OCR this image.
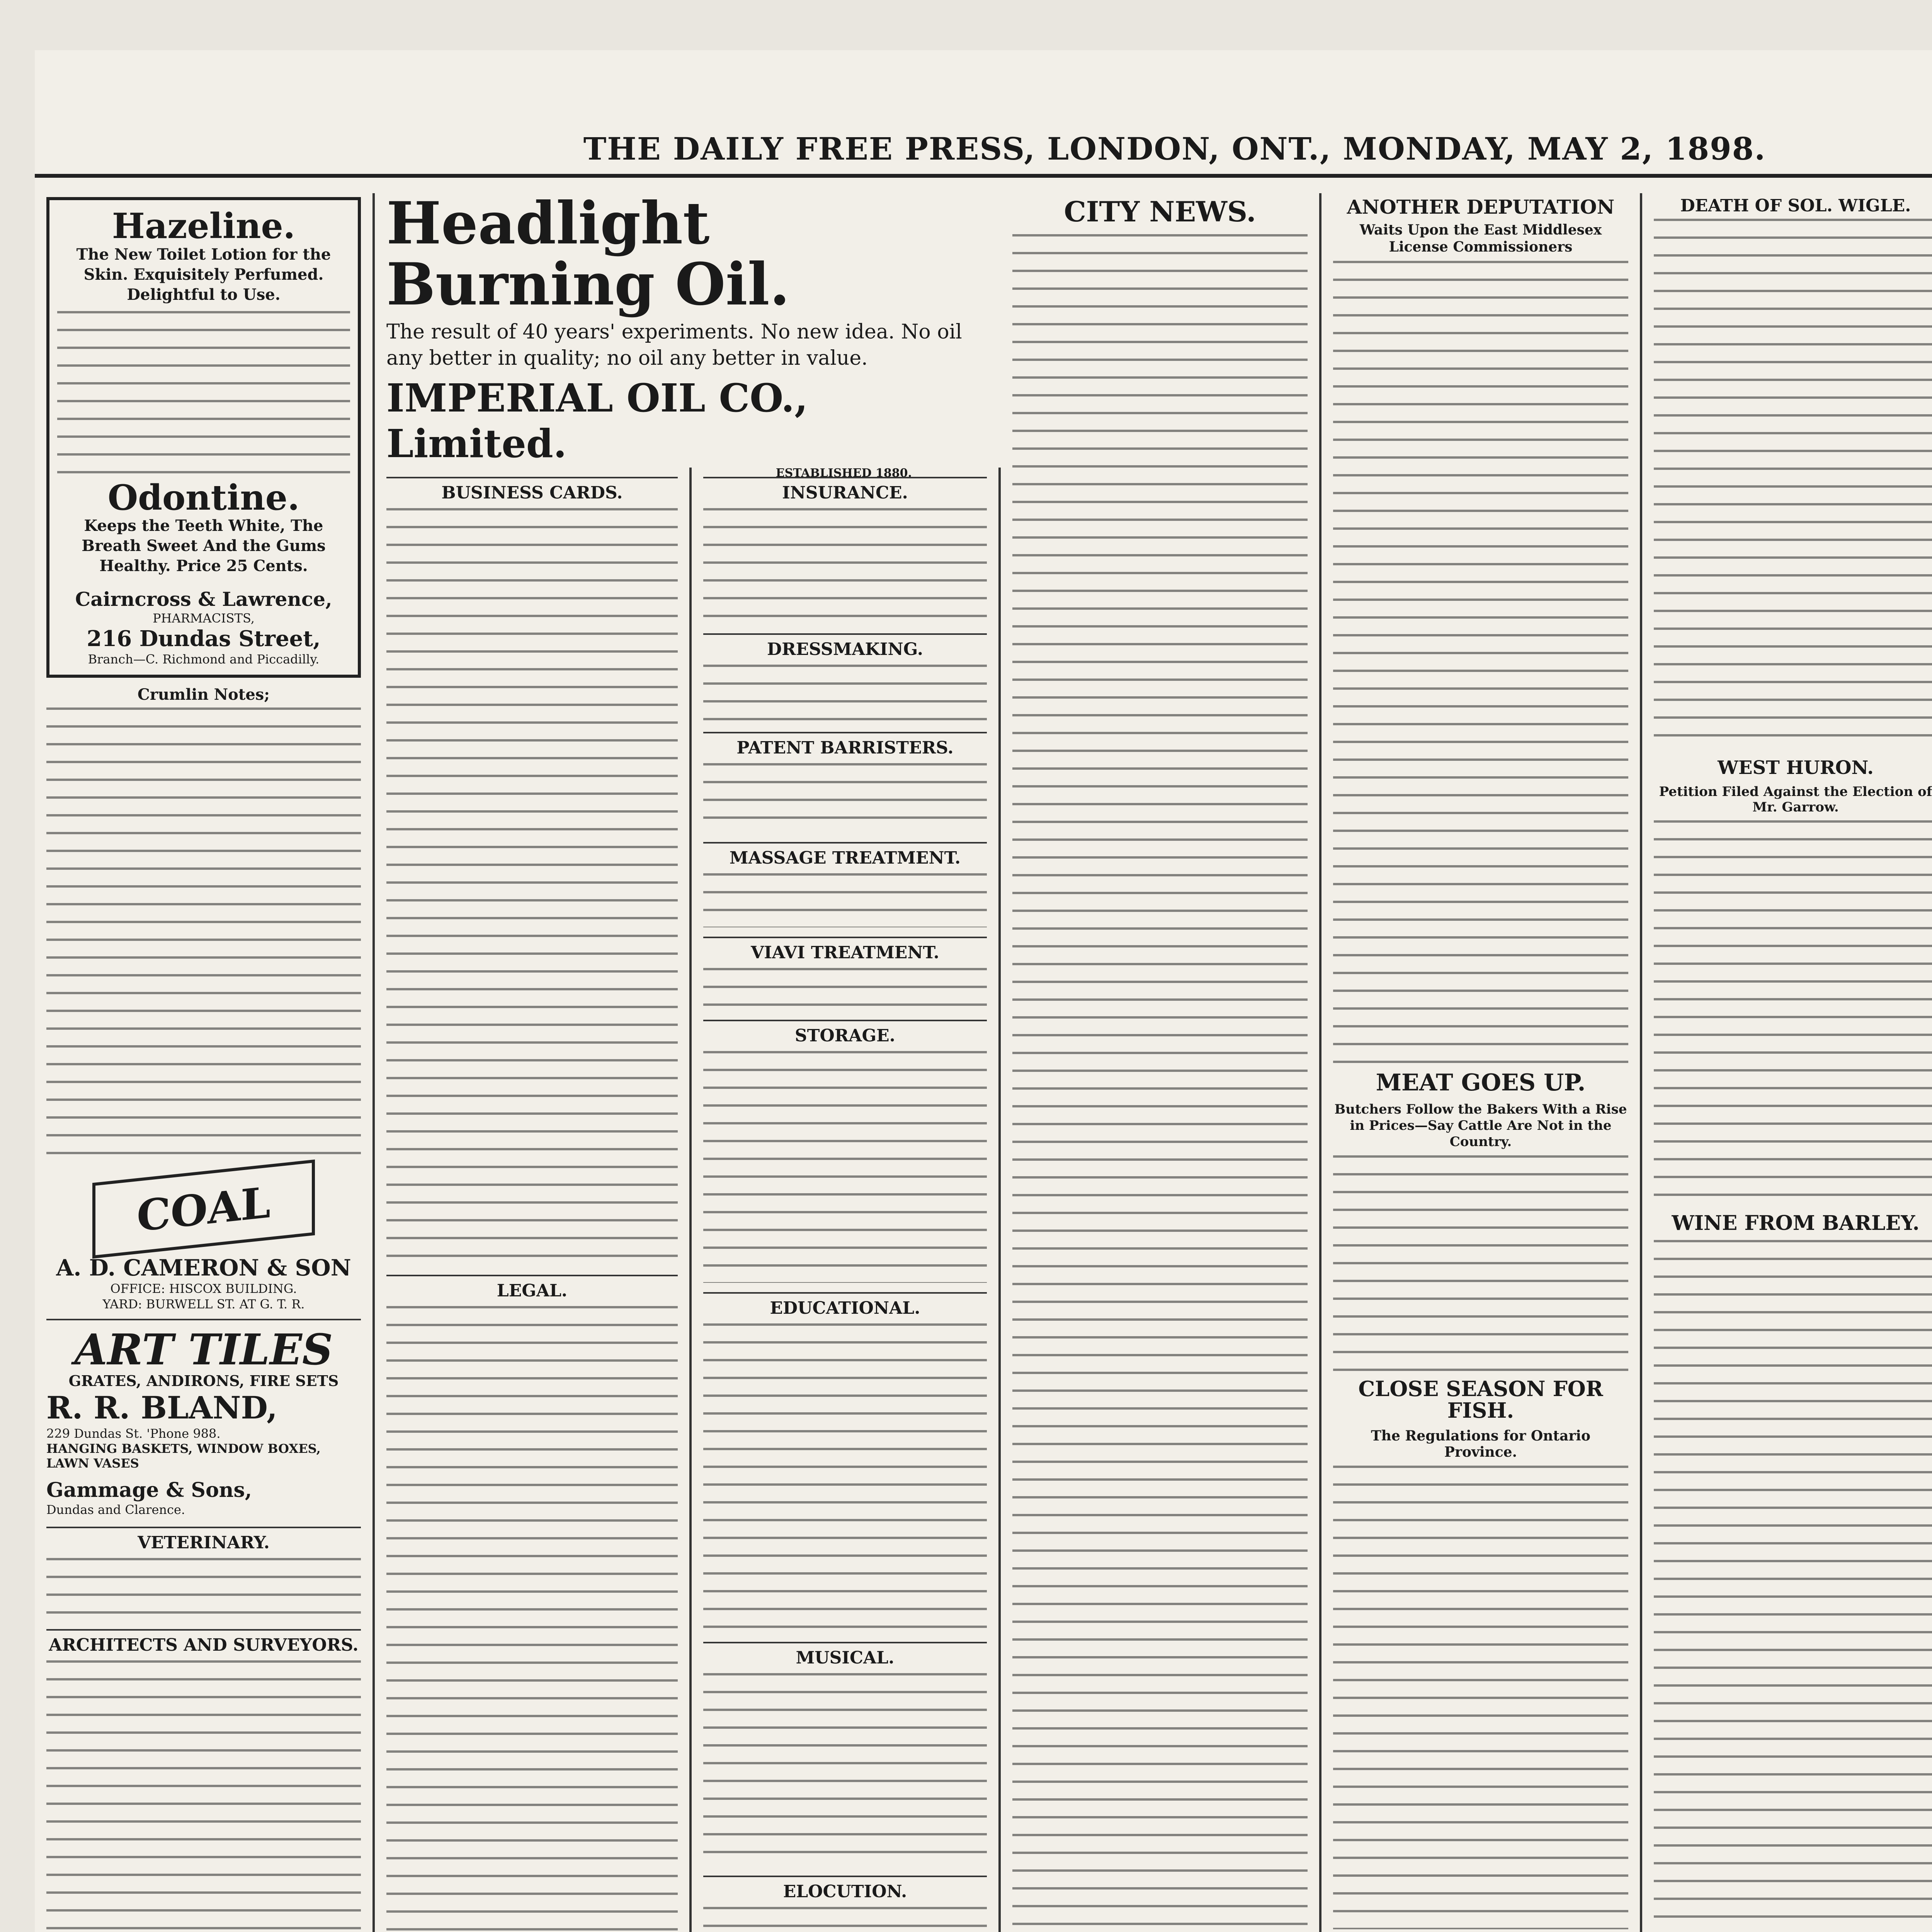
THE DAILY FREE PRESS, LONDON, ONT., MONDAY, MAY 2, 1898.
Hazeline.
The New Toilet Lotion for the Skin. Exquisitely Perfumed. Delightful to Use.
Odontine.
Keeps the Teeth White, The Breath Sweet And the Gums Healthy. Price 25 Cents.
Cairncross & Lawrence,
PHARMACISTS,
216 Dundas Street,
Branch—C. Richmond and Piccadilly.
Crumlin Notes;
COAL
A. D. CAMERON & SON
OFFICE: HISCOX BUILDING.
YARD: BURWELL ST. AT G. T. R.
ART TILES
GRATES, ANDIRONS, FIRE SETS
R. R. BLAND,
229 Dundas St. 'Phone 988.
HANGING BASKETS, WINDOW BOXES, LAWN VASES
Gammage & Sons,
Dundas and Clarence.
VETERINARY.
ARCHITECTS AND SURVEYORS.
Headlight Burning Oil.
The result of 40 years' experiments. No new idea. No oil any better in quality; no oil any better in value.
IMPERIAL OIL CO., Limited.
ESTABLISHED 1880.
BUSINESS CARDS.
LEGAL.
INSURANCE.
DRESSMAKING.
PATENT BARRISTERS.
MASSAGE TREATMENT.
VIAVI TREATMENT.
STORAGE.
EDUCATIONAL.
MUSICAL.
ELOCUTION.
CITY NEWS.	ANOTHER DEPUTATION
Waits Upon the East Middlesex License Commissioners
MEAT GOES UP.
Butchers Follow the Bakers With a Rise in Prices—Say Cattle Are Not in the Country.
CLOSE SEASON FOR FISH.
The Regulations for Ontario Province.
DEATH OF SOL. WIGLE.
WEST HURON.
Petition Filed Against the Election of Mr. Garrow.
WINE FROM BARLEY.
